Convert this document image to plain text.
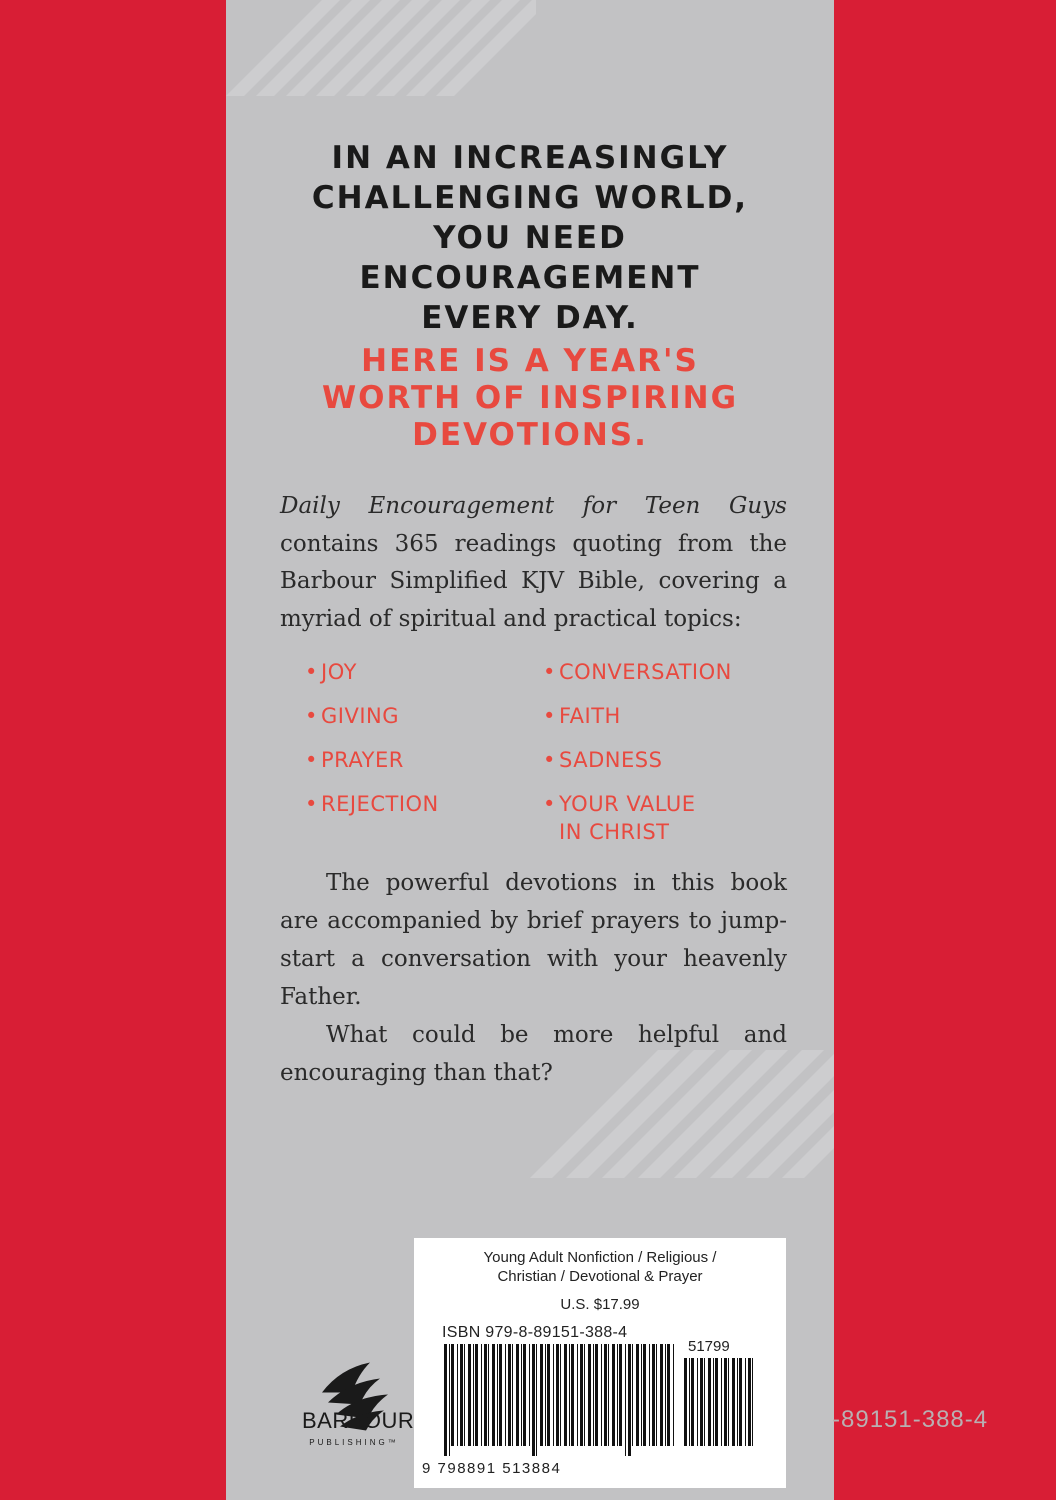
IN AN INCREASINGLY
CHALLENGING WORLD,
YOU NEED
ENCOURAGEMENT
EVERY DAY.
HERE IS A YEAR'S
WORTH OF INSPIRING
DEVOTIONS.

Daily Encouragement for Teen Guys contains 365 readings quoting from the Barbour Simplified KJV Bible, covering a myriad of spiritual and practical topics:

• JOY
• GIVING
• PRAYER
• REJECTION
• CONVERSATION
• FAITH
• SADNESS
• YOUR VALUE
IN CHRIST

The powerful devotions in this book are accompanied by brief prayers to jump-start a conversation with your heavenly Father.

What could be more helpful and encouraging than that?

BARBOUR
PUBLISHING™
Young Adult Nonfiction / Religious /
Christian / Devotional & Prayer
U.S. $17.99
ISBN 979-8-89151-388-4
51799
9 798891 513884
-89151-388-4
